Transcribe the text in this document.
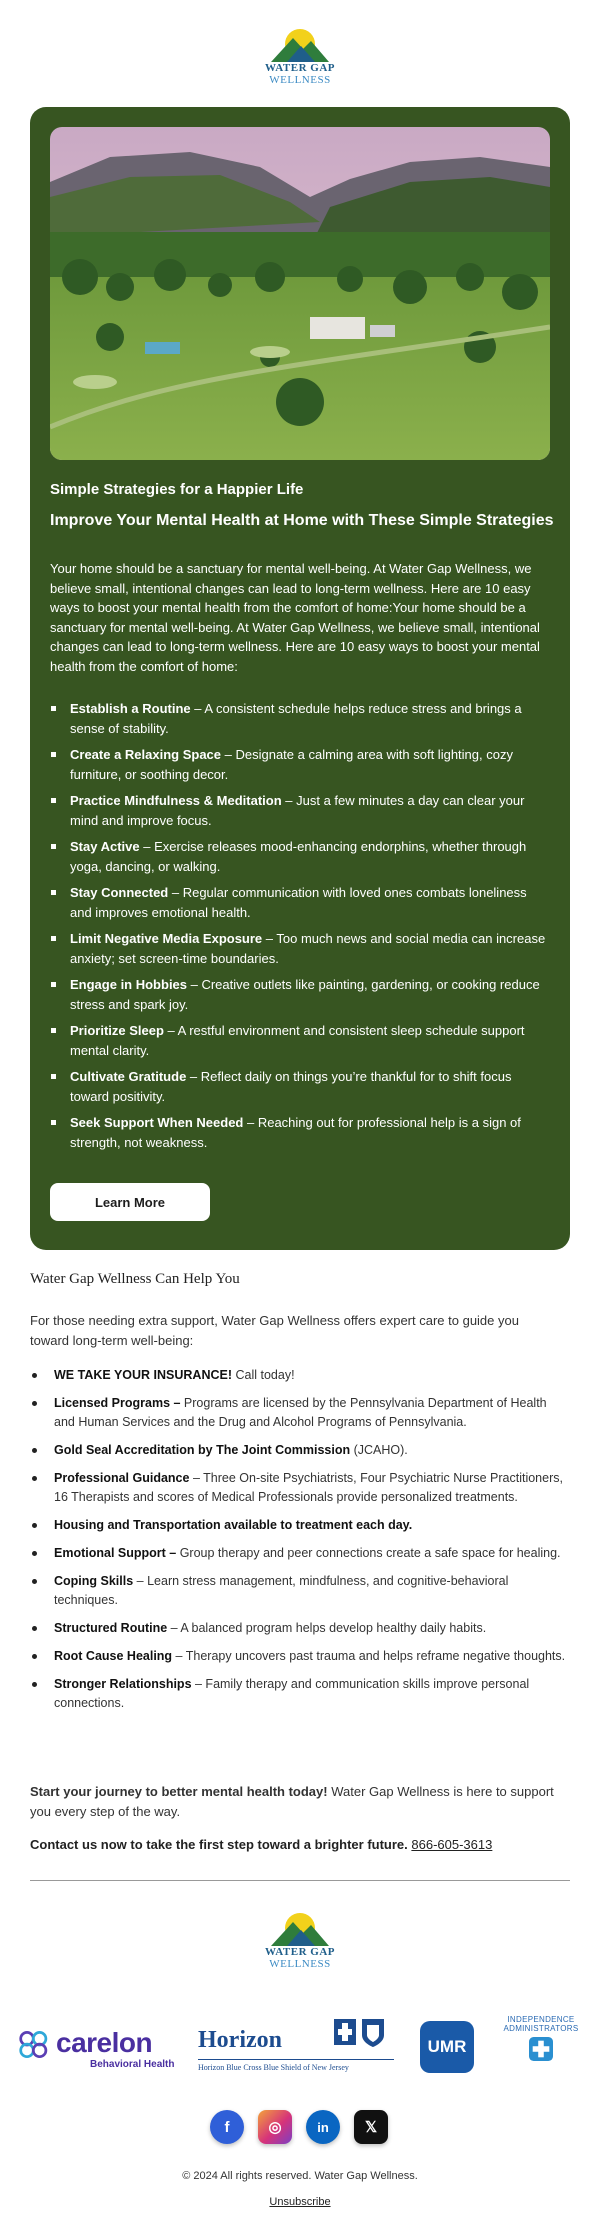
WATER GAP
WELLNESS
Simple Strategies for a Happier Life
Improve Your Mental Health at Home with These Simple Strategies
Your home should be a sanctuary for mental well-being. At Water Gap Wellness, we believe small, intentional changes can lead to long-term wellness. Here are 10 easy ways to boost your mental health from the comfort of home:Your home should be a sanctuary for mental well-being. At Water Gap Wellness, we believe small, intentional changes can lead to long-term wellness. Here are 10 easy ways to boost your mental health from the comfort of home:
Establish a Routine – A consistent schedule helps reduce stress and brings a sense of stability.
Create a Relaxing Space – Designate a calming area with soft lighting, cozy furniture, or soothing decor.
Practice Mindfulness & Meditation – Just a few minutes a day can clear your mind and improve focus.
Stay Active – Exercise releases mood-enhancing endorphins, whether through yoga, dancing, or walking.
Stay Connected – Regular communication with loved ones combats loneliness and improves emotional health.
Limit Negative Media Exposure – Too much news and social media can increase anxiety; set screen-time boundaries.
Engage in Hobbies – Creative outlets like painting, gardening, or cooking reduce stress and spark joy.
Prioritize Sleep – A restful environment and consistent sleep schedule support mental clarity.
Cultivate Gratitude – Reflect daily on things you’re thankful for to shift focus toward positivity.
Seek Support When Needed – Reaching out for professional help is a sign of strength, not weakness.
Learn More
Water Gap Wellness Can Help You
For those needing extra support, Water Gap Wellness offers expert care to guide you toward long-term well-being:
WE TAKE YOUR INSURANCE! Call today!
Licensed Programs – Programs are licensed by the Pennsylvania Department of Health and Human Services and the Drug and Alcohol Programs of Pennsylvania.
Gold Seal Accreditation by The Joint Commission (JCAHO).
Professional Guidance – Three On-site Psychiatrists, Four Psychiatric Nurse Practitioners, 16 Therapists and scores of Medical Professionals provide personalized treatments.
Housing and Transportation available to treatment each day.
Emotional Support – Group therapy and peer connections create a safe space for healing.
Coping Skills – Learn stress management, mindfulness, and cognitive-behavioral techniques.
Structured Routine – A balanced program helps develop healthy daily habits.
Root Cause Healing – Therapy uncovers past trauma and helps reframe negative thoughts.
Stronger Relationships – Family therapy and communication skills improve personal connections.
Start your journey to better mental health today! Water Gap Wellness is here to support you every step of the way.
Contact us now to take the first step toward a brighter future. 866-605-3613
WATER GAP
WELLNESS
carelon
Behavioral Health
Horizon
Horizon Blue Cross Blue Shield of New Jersey
UMR
INDEPENDENCE
ADMINISTRATORS
f	◎	in 𝕏
© 2024 All rights reserved. Water Gap Wellness.
Unsubscribe
